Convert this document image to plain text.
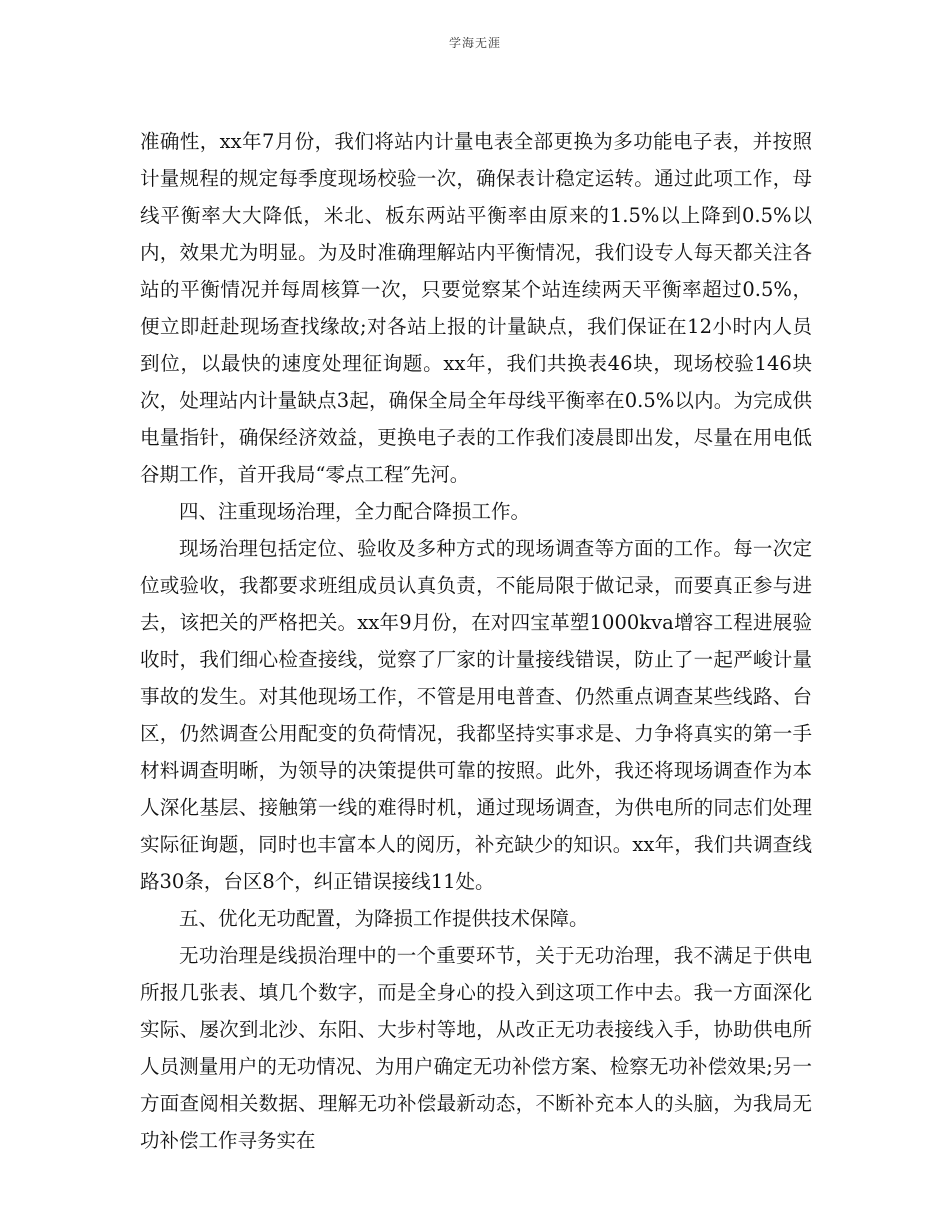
学海无涯

准确性，xx年7月份，我们将站内计量电表全部更换为多功能电子表，并按照计量规程的规定每季度现场校验一次，确保表计稳定运转。通过此项工作，母线平衡率大大降低，米北、板东两站平衡率由原来的1.5%以上降到0.5%以内，效果尤为明显。为及时准确理解站内平衡情况，我们设专人每天都关注各站的平衡情况并每周核算一次，只要觉察某个站连续两天平衡率超过0.5%，便立即赶赴现场查找缘故;对各站上报的计量缺点，我们保证在12小时内人员到位，以最快的速度处理征询题。xx年，我们共换表46块，现场校验146块次，处理站内计量缺点3起，确保全局全年母线平衡率在0.5%以内。为完成供电量指针，确保经济效益，更换电子表的工作我们凌晨即出发，尽量在用电低谷期工作，首开我局“零点工程″先河。

四、注重现场治理，全力配合降损工作。

现场治理包括定位、验收及多种方式的现场调查等方面的工作。每一次定位或验收，我都要求班组成员认真负责，不能局限于做记录，而要真正参与进去，该把关的严格把关。xx年9月份，在对四宝革塑1000kva增容工程进展验收时，我们细心检查接线，觉察了厂家的计量接线错误，防止了一起严峻计量事故的发生。对其他现场工作，不管是用电普查、仍然重点调查某些线路、台区，仍然调查公用配变的负荷情况，我都坚持实事求是、力争将真实的第一手材料调查明晰，为领导的决策提供可靠的按照。此外，我还将现场调查作为本人深化基层、接触第一线的难得时机，通过现场调查，为供电所的同志们处理实际征询题，同时也丰富本人的阅历，补充缺少的知识。xx年，我们共调查线路30条，台区8个，纠正错误接线11处。

五、优化无功配置，为降损工作提供技术保障。

无功治理是线损治理中的一个重要环节，关于无功治理，我不满足于供电所报几张表、填几个数字，而是全身心的投入到这项工作中去。我一方面深化实际、屡次到北沙、东阳、大步村等地，从改正无功表接线入手，协助供电所人员测量用户的无功情况、为用户确定无功补偿方案、检察无功补偿效果;另一方面查阅相关数据、理解无功补偿最新动态，不断补充本人的头脑，为我局无功补偿工作寻务实在
